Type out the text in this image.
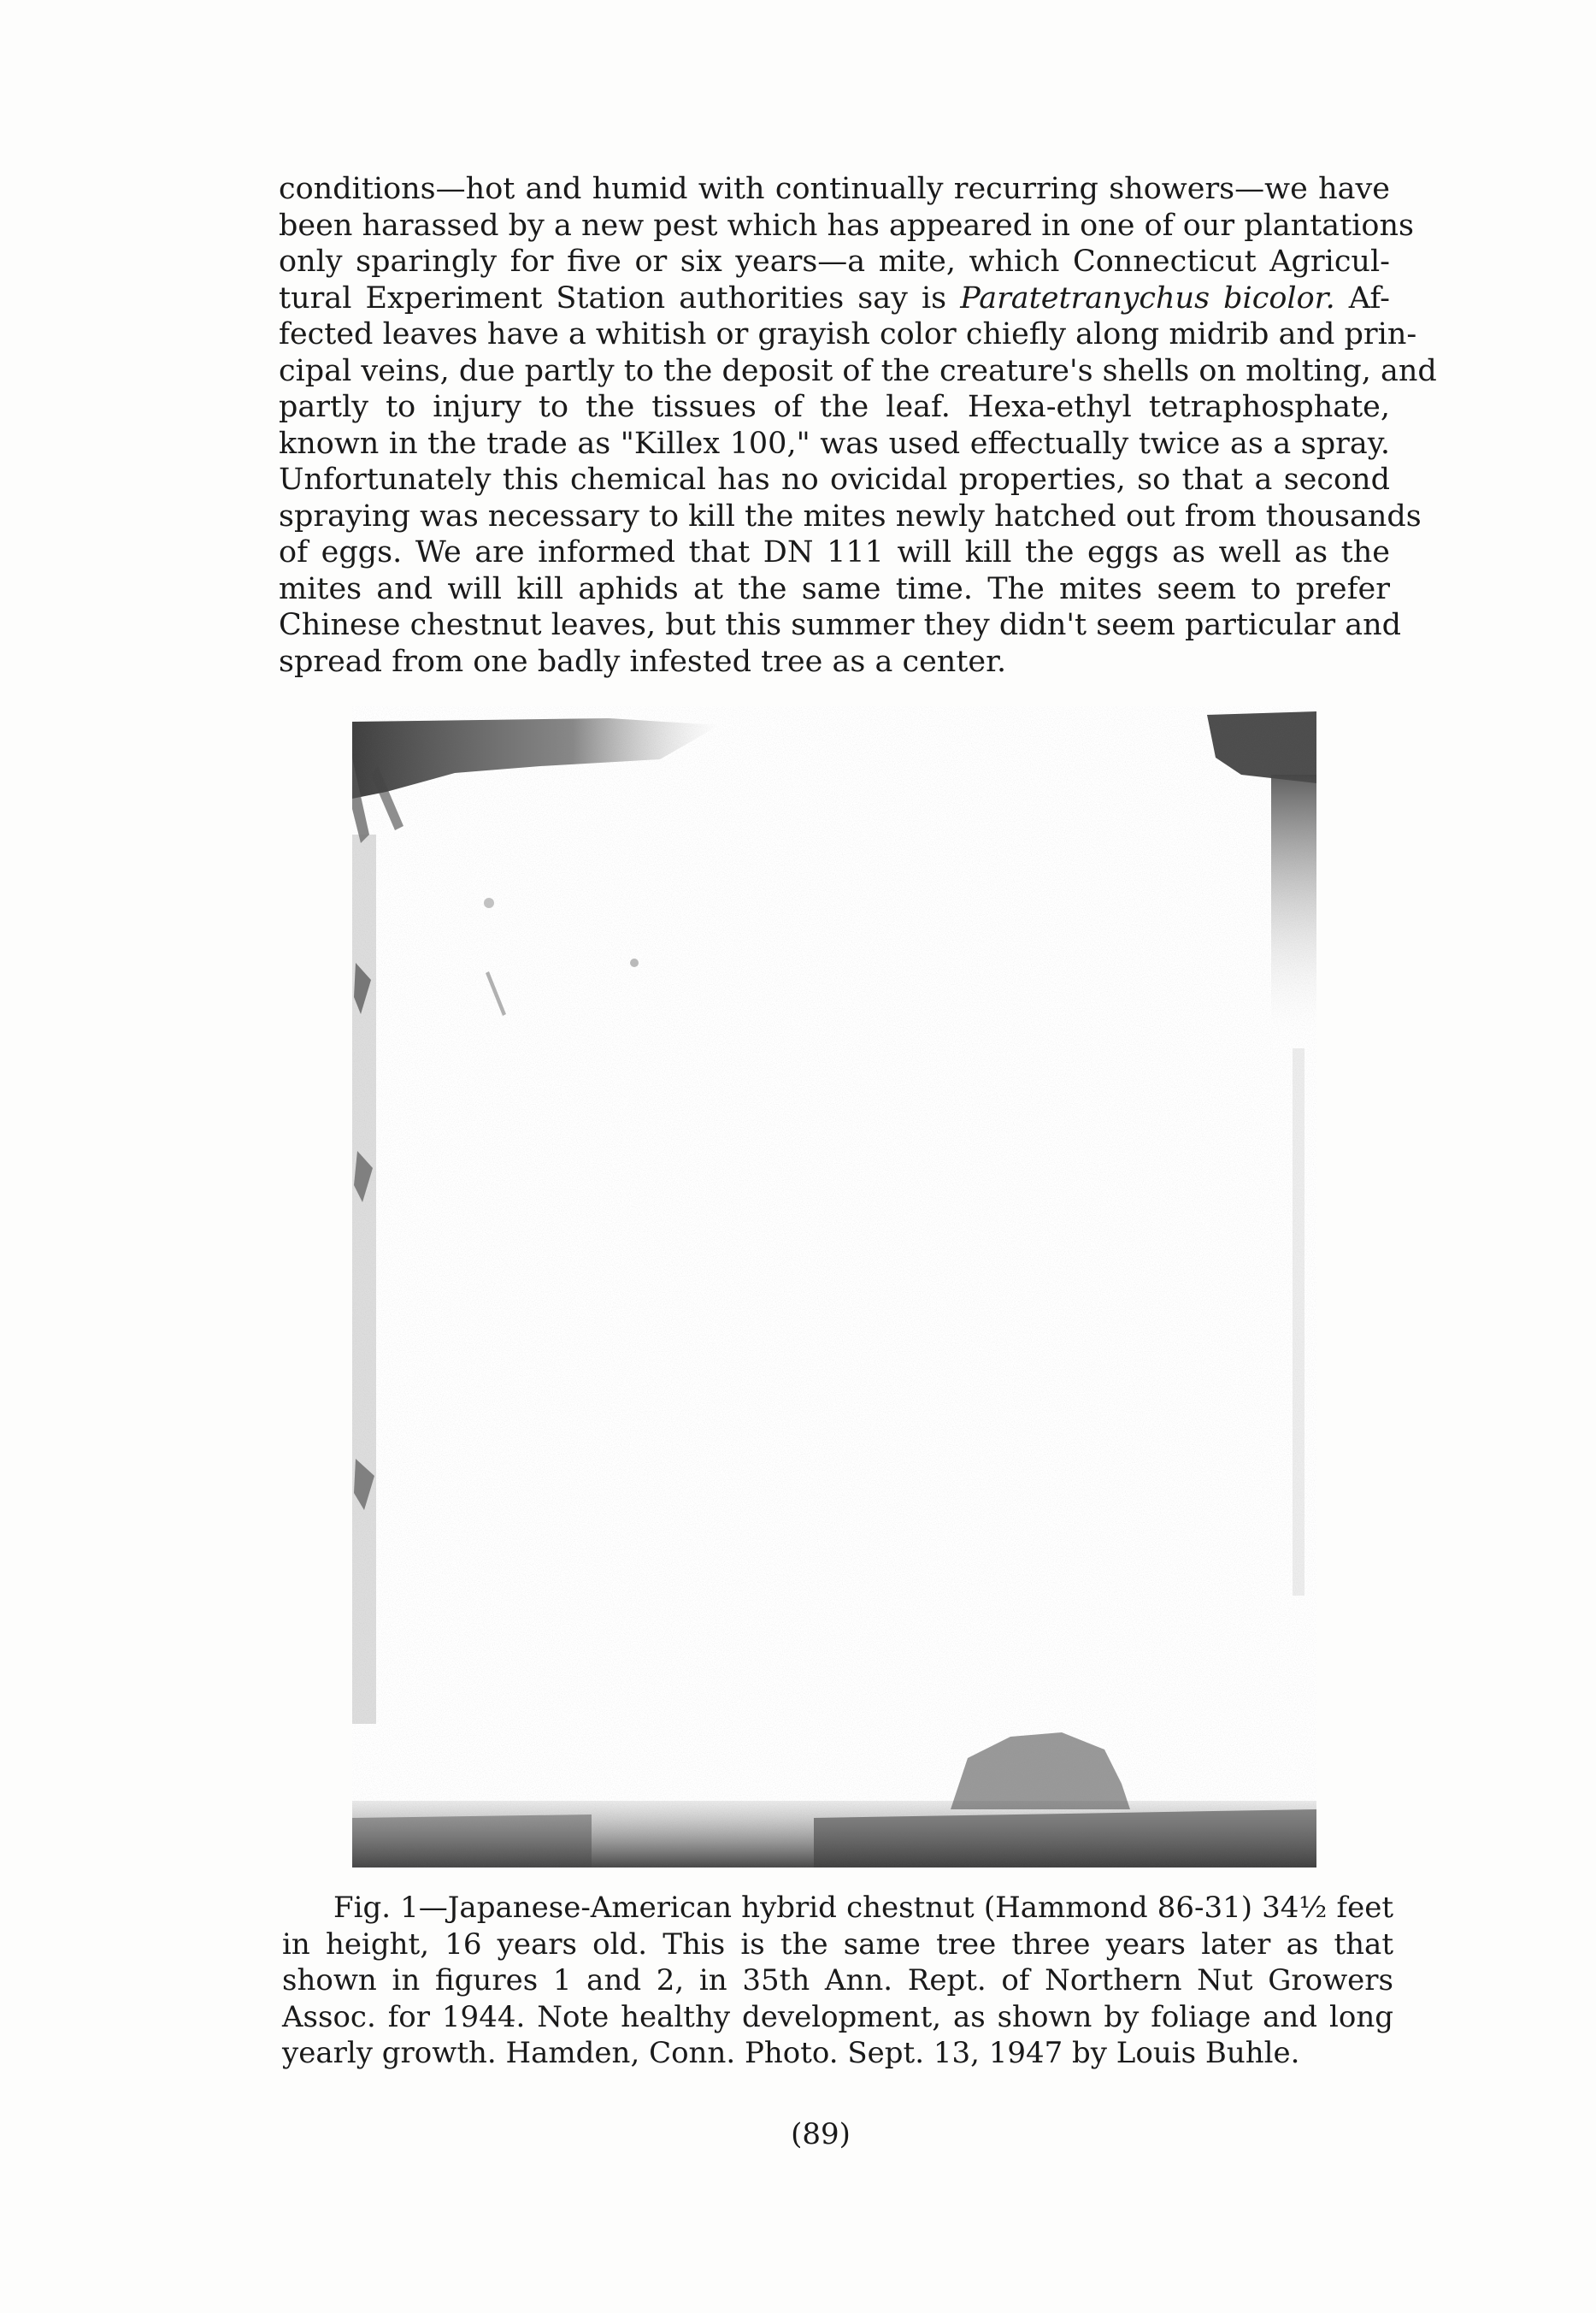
conditions—hot and humid with continually recurring showers—we have
been harassed by a new pest which has appeared in one of our plantations
only sparingly for five or six years—a mite, which Connecticut Agricul-
tural Experiment Station authorities say is Paratetranychus bicolor. Af-
fected leaves have a whitish or grayish color chiefly along midrib and prin-
cipal veins, due partly to the deposit of the creature's shells on molting, and
partly to injury to the tissues of the leaf. Hexa-ethyl tetraphosphate,
known in the trade as "Killex 100," was used effectually twice as a spray.
Unfortunately this chemical has no ovicidal properties, so that a second
spraying was necessary to kill the mites newly hatched out from thousands
of eggs. We are informed that DN 111 will kill the eggs as well as the
mites and will kill aphids at the same time. The mites seem to prefer
Chinese chestnut leaves, but this summer they didn't seem particular and
spread from one badly infested tree as a center.
Fig. 1—Japanese-American hybrid chestnut (Hammond 86-31) 34½ feet
in height, 16 years old. This is the same tree three years later as that
shown in figures 1 and 2, in 35th Ann. Rept. of Northern Nut Growers
Assoc. for 1944. Note healthy development, as shown by foliage and long
yearly growth. Hamden, Conn. Photo. Sept. 13, 1947 by Louis Buhle.
(89)
